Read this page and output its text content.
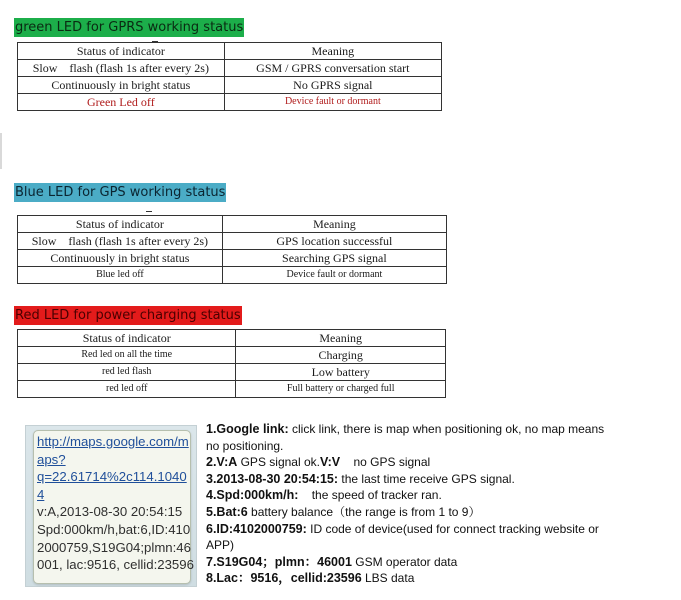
green LED for GPRS working status
Status of indicator	Meaning
Slow    flash (flash 1s after every 2s)	GSM / GPRS conversation start
Continuously in bright status	No GPRS signal
Green Led off	Device fault or dormant
Blue LED for GPS working status
Status of indicator	Meaning
Slow    flash (flash 1s after every 2s)	GPS location successful
Continuously in bright status	Searching GPS signal
Blue led off	Device fault or dormant
Red LED for power charging status
Status of indicator	Meaning
Red led on all the time	Charging
red led flash	Low battery
red led off	Full battery or charged full
http://maps.google.com/m
aps?
q=22.61714%2c114.1040
4
v:A,2013-08-30 20:54:15
Spd:000km/h,bat:6,ID:410
2000759,S19G04;plmn:46
001, lac:9516, cellid:23596
1.Google link: click link, there is map when positioning ok, no map means
no positioning.
2.V:A GPS signal ok.V:V    no GPS signal
3.2013-08-30 20:54:15: the last time receive GPS signal.
4.Spd:000km/h:    the speed of tracker ran.
5.Bat:6 battery balance（the range is from 1 to 9）
6.ID:4102000759: ID code of device(used for connect tracking website or
APP)
7.S19G04；plmn：46001 GSM operator data
8.Lac：9516，cellid:23596 LBS data
